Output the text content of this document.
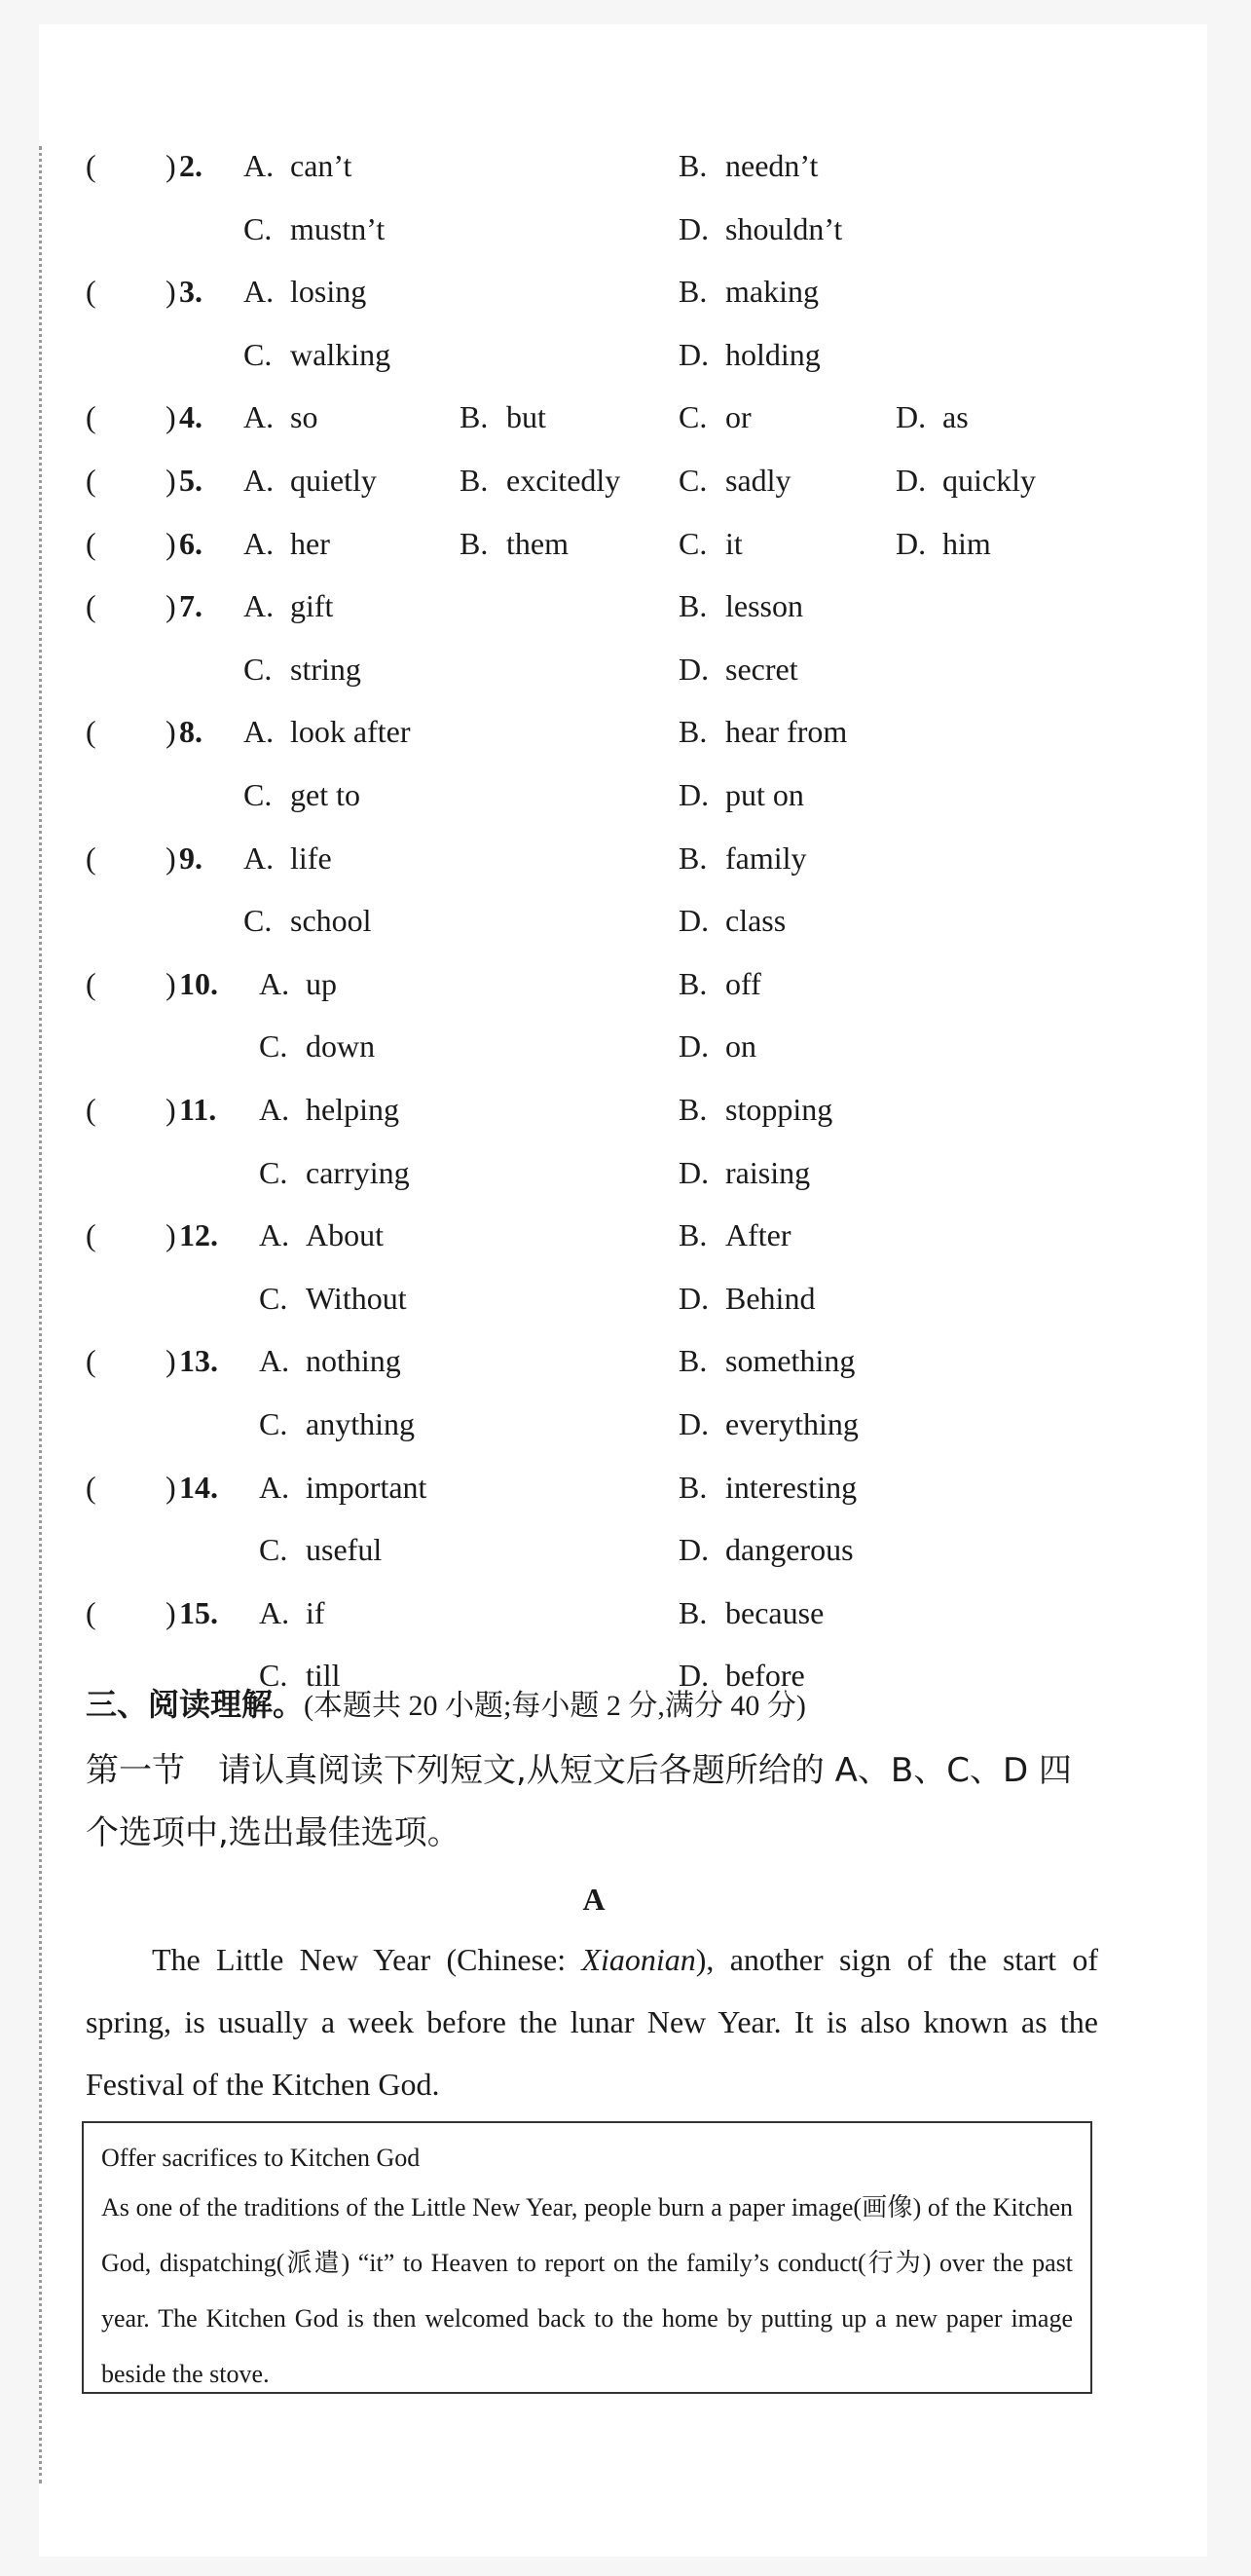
( ) 2. A. can’t	B. needn’t
C. mustn’t	D. shouldn’t
( ) 3. A. losing	B. making
C. walking	D. holding
( ) 4. A. so	B. but	C. or	D. as
( ) 5. A. quietly	B. excitedly C. sadly	D. quickly
( ) 6. A. her	B. them	C. it	D. him
( ) 7. A. gift	B. lesson
C. string	D. secret
( ) 8. A. look after	B. hear from
C. get to	D. put on
( ) 9. A. life	B. family
C. school	D. class
( ) 10. A. up	B. off
C. down	D. on
( ) 11. A. helping	B. stopping
C. carrying	D. raising
( ) 12. A. About	B. After
C. Without	D. Behind
( ) 13. A. nothing	B. something
C. anything	D. everything
( ) 14. A. important	B. interesting
C. useful	D. dangerous
( ) 15. A. if	B. because
C. till	D. before
三、阅读理解。(本题共 20 小题;每小题 2 分,满分 40 分)
第一节　请认真阅读下列短文,从短文后各题所给的 A、B、C、D 四个选项中,选出最佳选项。
A
The Little New Year (Chinese: Xiaonian), another sign of the start of spring, is usually a week before the lunar New Year. It is also known as the Festival of the Kitchen God.
Offer sacrifices to Kitchen God
As one of the traditions of the Little New Year, people burn a paper image(画像) of the Kitchen God, dispatching(派遣) “it” to Heaven to report on the family’s conduct(行为) over the past year. The Kitchen God is then welcomed back to the home by putting up a new paper image beside the stove.
